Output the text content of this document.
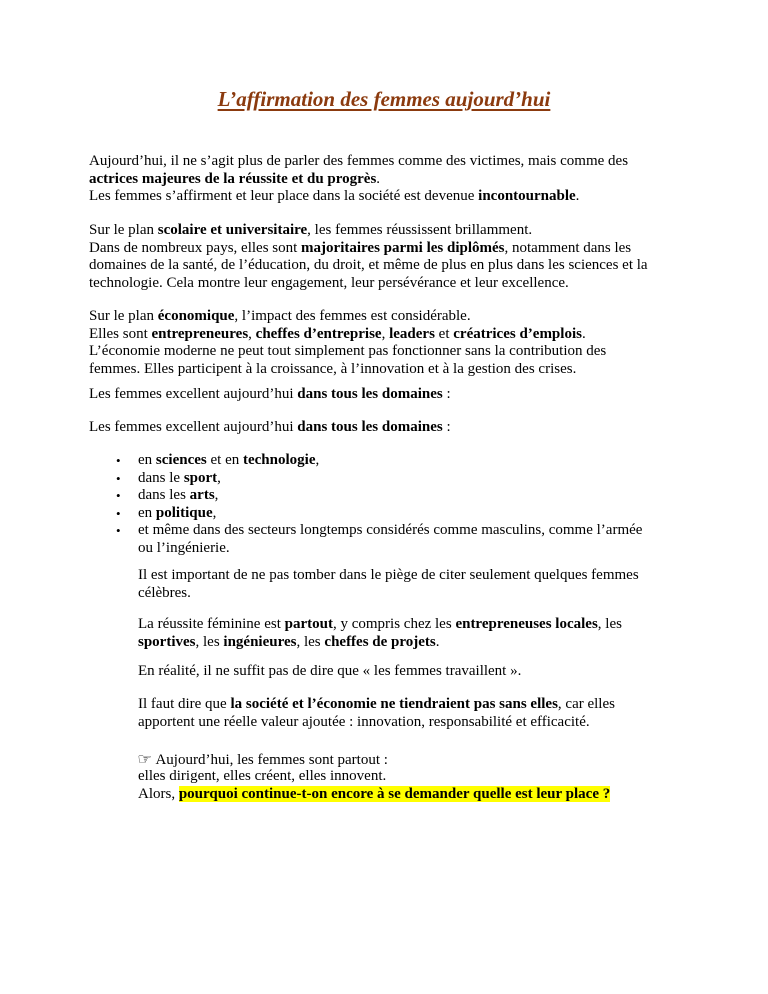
L’affirmation des femmes aujourd’hui

Aujourd’hui, il ne s’agit plus de parler des femmes comme des victimes, mais comme des
actrices majeures de la réussite et du progrès.

Les femmes s’affirment et leur place dans la société est devenue incontournable.

Sur le plan scolaire et universitaire, les femmes réussissent brillamment.

Dans de nombreux pays, elles sont majoritaires parmi les diplômés, notamment dans les
domaines de la santé, de l’éducation, du droit, et même de plus en plus dans les sciences et la
technologie. Cela montre leur engagement, leur persévérance et leur excellence.

Sur le plan économique, l’impact des femmes est considérable.

Elles sont entrepreneures, cheffes d’entreprise, leaders et créatrices d’emplois.

L’économie moderne ne peut tout simplement pas fonctionner sans la contribution des
femmes. Elles participent à la croissance, à l’innovation et à la gestion des crises.

Les femmes excellent aujourd’hui dans tous les domaines :

Les femmes excellent aujourd’hui dans tous les domaines :

• en sciences et en technologie,
• dans le sport,
• dans les arts,
• en politique,
• et même dans des secteurs longtemps considérés comme masculins, comme l’armée
ou l’ingénierie.

Il est important de ne pas tomber dans le piège de citer seulement quelques femmes
célèbres.

La réussite féminine est partout, y compris chez les entrepreneuses locales, les
sportives, les ingénieures, les cheffes de projets.

En réalité, il ne suffit pas de dire que « les femmes travaillent ».

Il faut dire que la société et l’économie ne tiendraient pas sans elles, car elles
apportent une réelle valeur ajoutée : innovation, responsabilité et efficacité.

☞ Aujourd’hui, les femmes sont partout :

elles dirigent, elles créent, elles innovent.

Alors, pourquoi continue-t-on encore à se demander quelle est leur place ?
